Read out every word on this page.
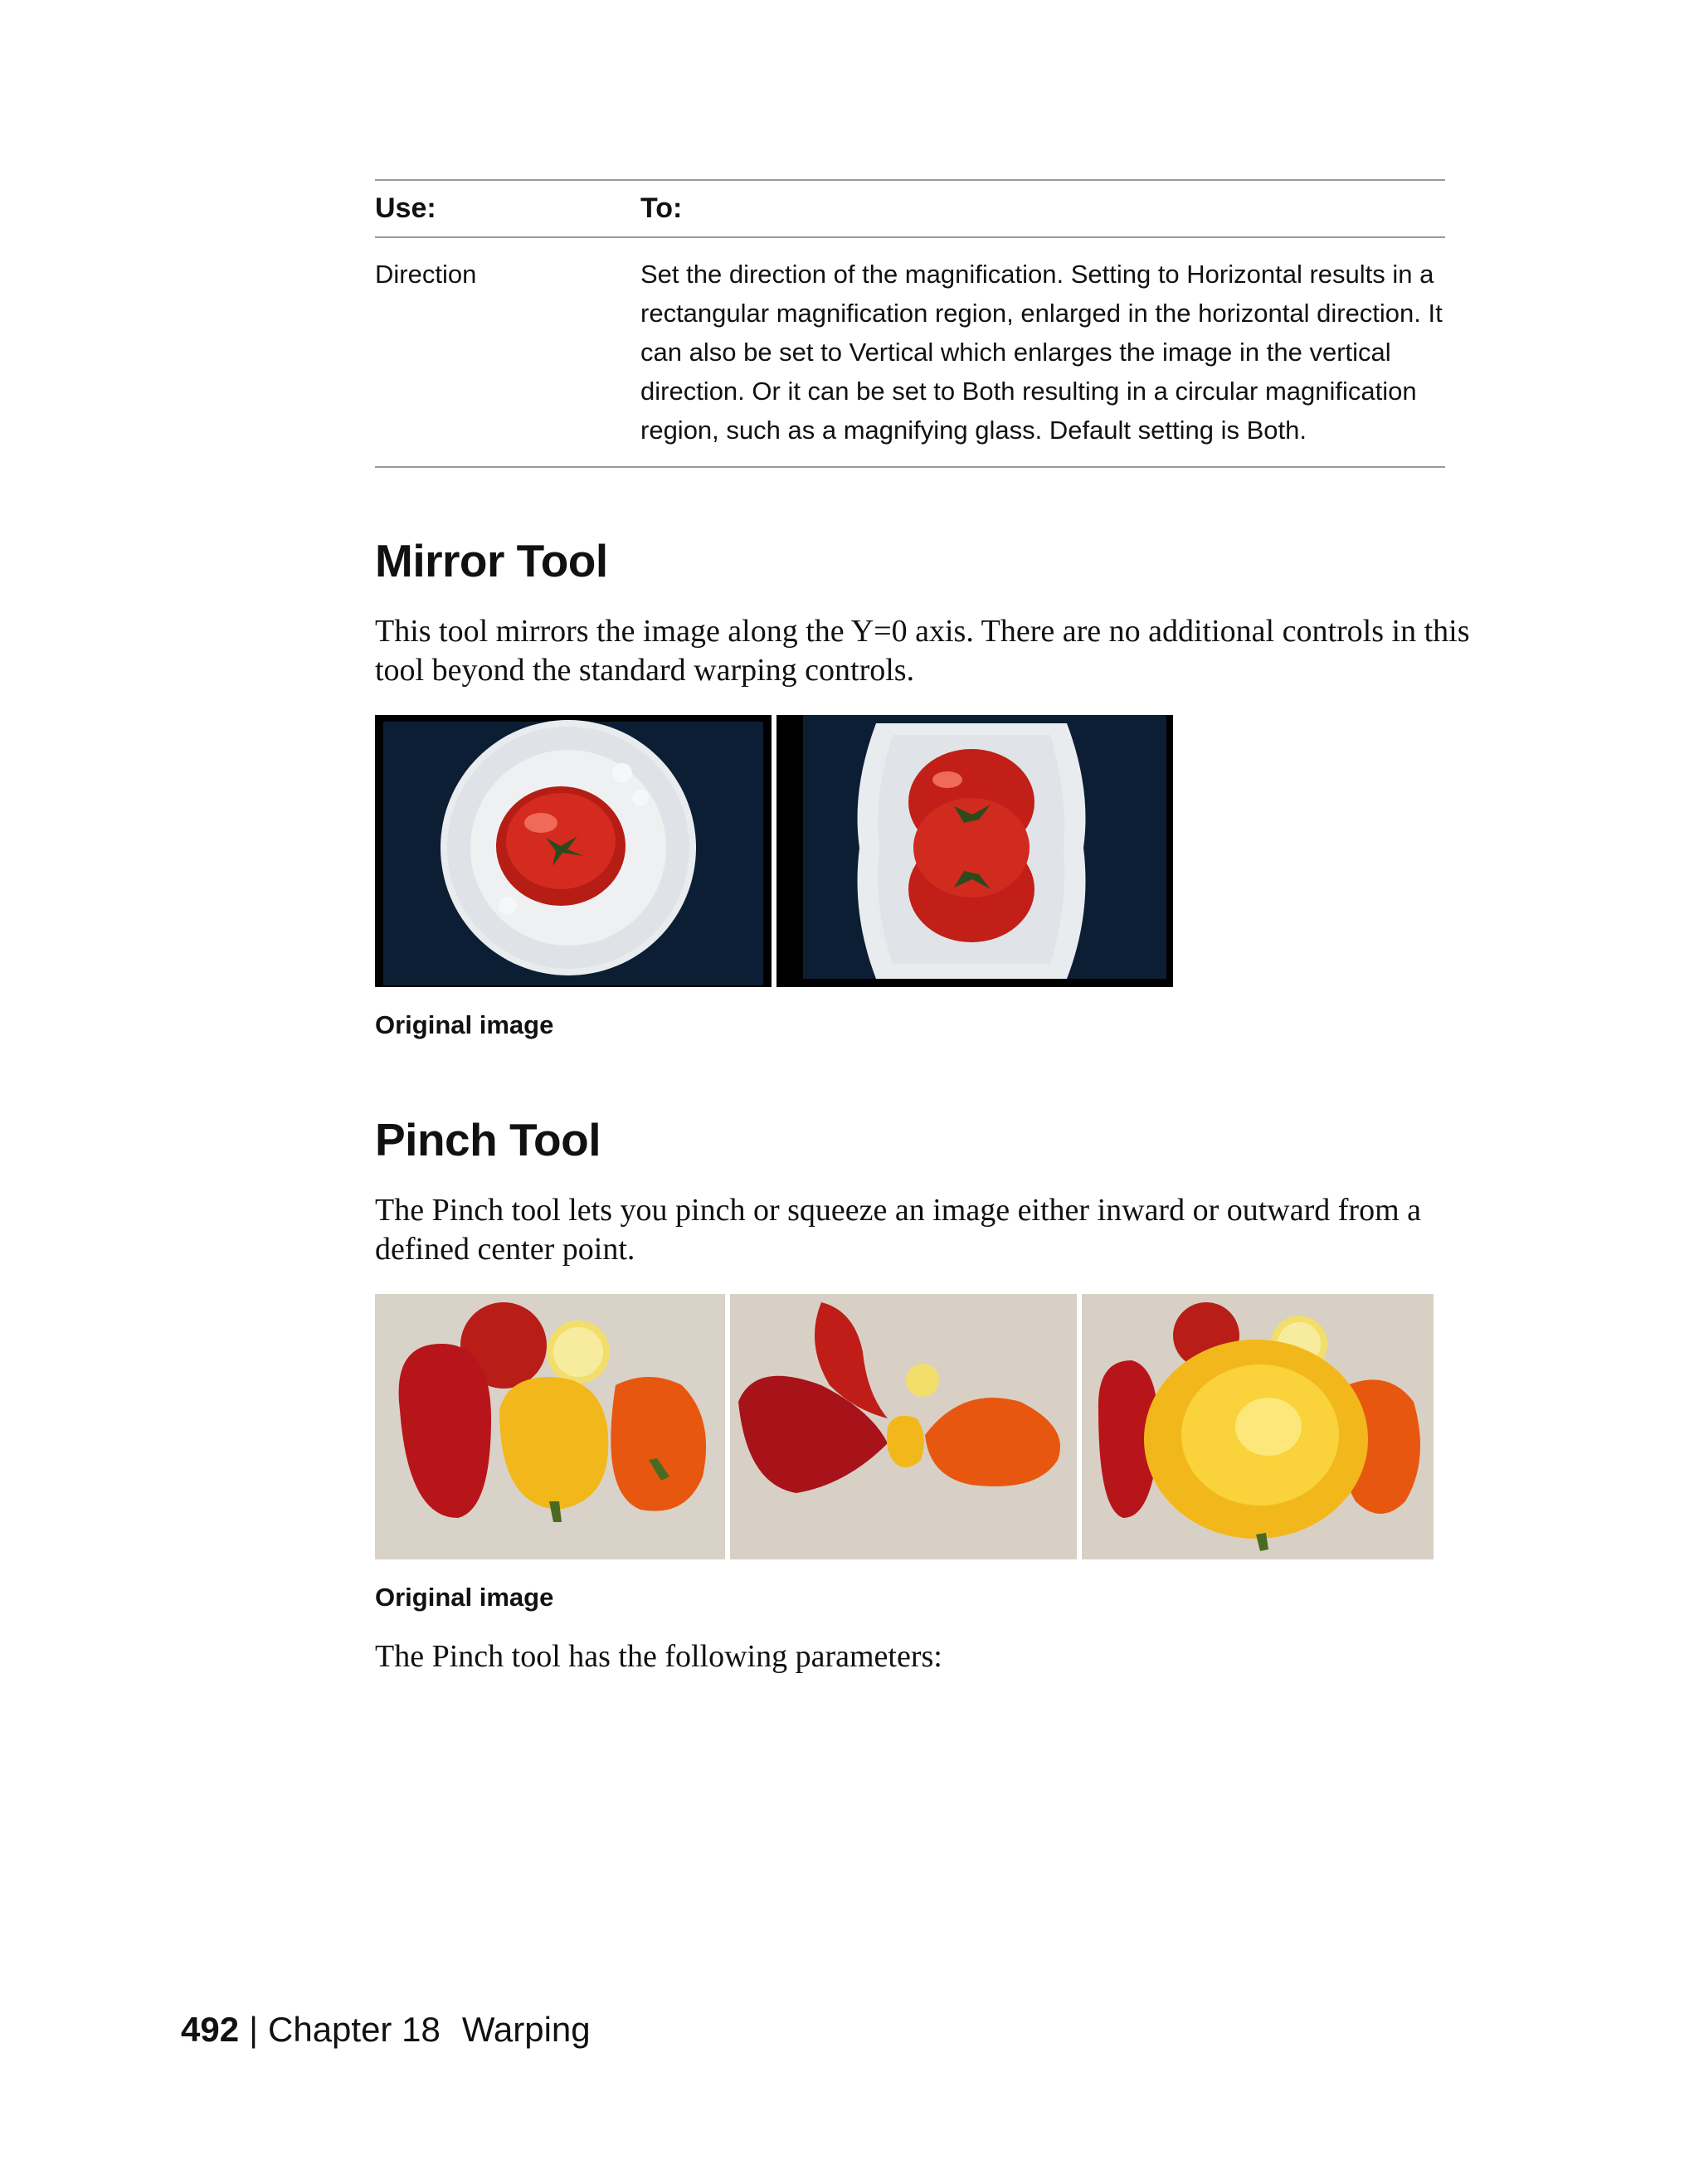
Use:	To:
Direction	Set the direction of the magnification. Setting to Horizontal results in a rectangular magnification region, enlarged in the horizontal direction. It can also be set to Vertical which enlarges the image in the vertical direction. Or it can be set to Both resulting in a circular magnification region, such as a magnifying glass. Default setting is Both.
Mirror Tool

This tool mirrors the image along the Y=0 axis. There are no additional controls in this tool beyond the standard warping controls.

Original image

Pinch Tool

The Pinch tool lets you pinch or squeeze an image either inward or outward from a defined center point.

Original image

The Pinch tool has the following parameters:

492 | Chapter 18 Warping
